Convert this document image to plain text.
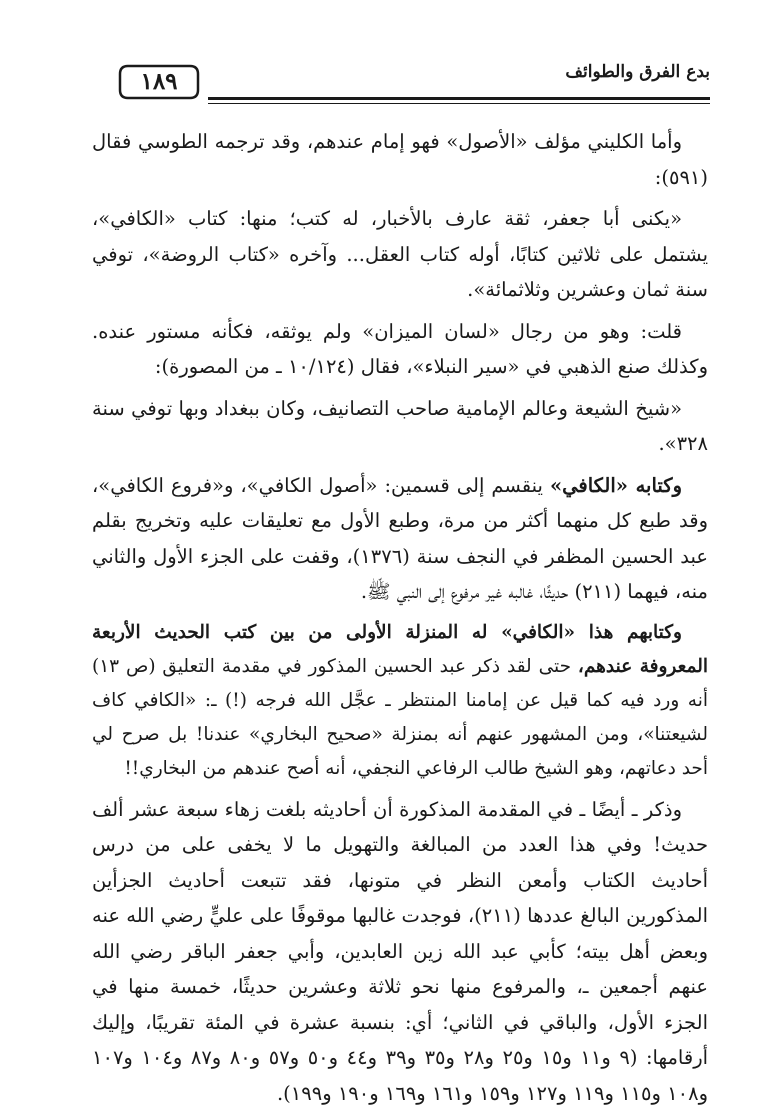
بدع الفرق والطوائف
١٨٩

وأما الكليني مؤلف «الأصول» فهو إمام عندهم، وقد ترجمه الطوسي فقال (٥٩١):

«يكنى أبا جعفر، ثقة عارف بالأخبار، له كتب؛ منها: كتاب «الكافي»، يشتمل على ثلاثين كتابًا، أوله كتاب العقل... وآخره «كتاب الروضة»، توفي سنة ثمان وعشرين وثلاثمائة».

قلت: وهو من رجال «لسان الميزان» ولم يوثقه، فكأنه مستور عنده. وكذلك صنع الذهبي في «سير النبلاء»، فقال (١٠/١٢٤ ـ من المصورة):

«شيخ الشيعة وعالم الإمامية صاحب التصانيف، وكان ببغداد وبها توفي سنة ٣٢٨».

وكتابه «الكافي» ينقسم إلى قسمين: «أصول الكافي»، و«فروع الكافي»، وقد طبع كل منهما أكثر من مرة، وطبع الأول مع تعليقات عليه وتخريج بقلم عبد الحسين المظفر في النجف سنة (١٣٧٦)، وقفت على الجزء الأول والثاني منه، فيهما (٢١١) حديثًا، غالبه غير مرفوع إلى النبي ﷺ.

وكتابهم هذا «الكافي» له المنزلة الأولى من بين كتب الحديث الأربعة المعروفة عندهم، حتى لقد ذكر عبد الحسين المذكور في مقدمة التعليق (ص ١٣) أنه ورد فيه كما قيل عن إمامنا المنتظر ـ عجَّل الله فرجه (!) ـ: «الكافي كاف لشيعتنا»، ومن المشهور عنهم أنه بمنزلة «صحيح البخاري» عندنا! بل صرح لي أحد دعاتهم، وهو الشيخ طالب الرفاعي النجفي، أنه أصح عندهم من البخاري!!

وذكر ـ أيضًا ـ في المقدمة المذكورة أن أحاديثه بلغت زهاء سبعة عشر ألف حديث! وفي هذا العدد من المبالغة والتهويل ما لا يخفى على من درس أحاديث الكتاب وأمعن النظر في متونها، فقد تتبعت أحاديث الجزأين المذكورين البالغ عددها (٢١١)، فوجدت غالبها موقوفًا على عليٍّ رضي الله عنه وبعض أهل بيته؛ كأبي عبد الله زين العابدين، وأبي جعفر الباقر رضي الله عنهم أجمعين ـ، والمرفوع منها نحو ثلاثة وعشرين حديثًا، خمسة منها في الجزء الأول، والباقي في الثاني؛ أي: بنسبة عشرة في المئة تقريبًا، وإليك أرقامها: (٩ و١١ و١٥ و٢٥ و٢٨ و٣٥ و٣٩ و٤٤ و٥٠ و٥٧ و٨٠ و٨٧ و١٠٤ و١٠٧ و١٠٨ و١١٥ و١١٩ و١٢٧ و١٥٩ و١٦١ و١٦٩ و١٩٠ و١٩٩).
